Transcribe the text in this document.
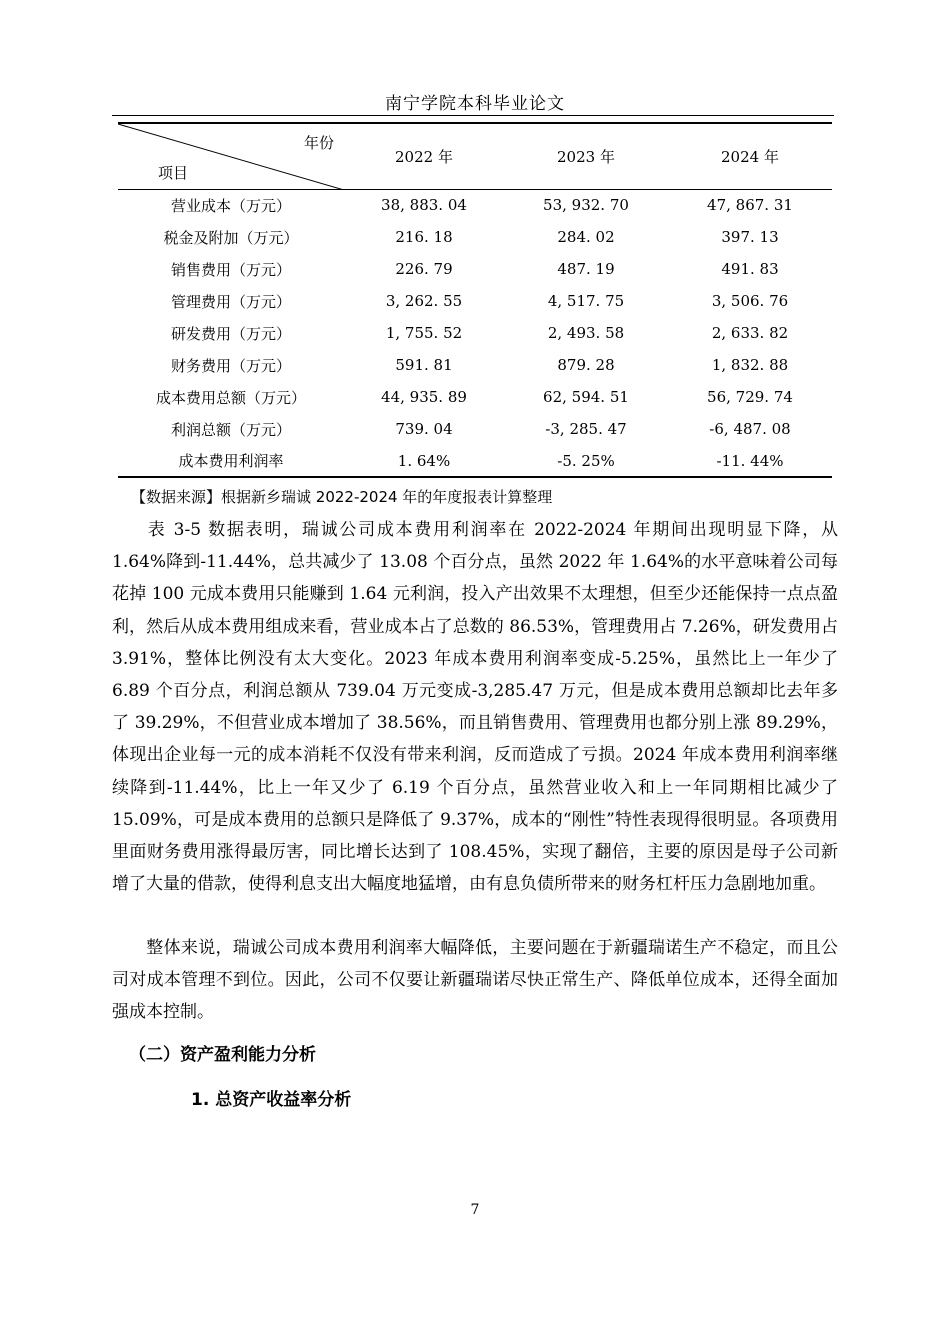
南宁学院本科毕业论文
年份
项目	2022 年	2023 年	2024 年
营业成本（万元）	38, 883. 04	53, 932. 70	47, 867. 31
税金及附加（万元）	216. 18	284. 02	397. 13
销售费用（万元）	226. 79	487. 19	491. 83
管理费用（万元）	3, 262. 55	4, 517. 75	3, 506. 76
研发费用（万元）	1, 755. 52	2, 493. 58	2, 633. 82
财务费用（万元）	591. 81	879. 28	1, 832. 88
成本费用总额（万元）	44, 935. 89	62, 594. 51	56, 729. 74
利润总额（万元）	739. 04	-3, 285. 47	-6, 487. 08
成本费用利润率	1. 64%	-5. 25%	-11. 44%
【数据来源】根据新乡瑞诚 2022-2024 年的年度报表计算整理

表 3-5 数据表明，瑞诚公司成本费用利润率在 2022-2024 年期间出现明显下降，从 1.64%降到-11.44%，总共减少了 13.08 个百分点，虽然 2022 年 1.64%的水平意味着公司每花掉 100 元成本费用只能赚到 1.64 元利润，投入产出效果不太理想，但至少还能保持一点点盈利，然后从成本费用组成来看，营业成本占了总数的 86.53%，管理费用占 7.26%，研发费用占 3.91%，整体比例没有太大变化。2023 年成本费用利润率变成-5.25%，虽然比上一年少了 6.89 个百分点，利润总额从 739.04 万元变成-3,285.47 万元，但是成本费用总额却比去年多了 39.29%，不但营业成本增加了 38.56%，而且销售费用、管理费用也都分别上涨 89.29%，体现出企业每一元的成本消耗不仅没有带来利润，反而造成了亏损。2024 年成本费用利润率继续降到-11.44%，比上一年又少了 6.19 个百分点，虽然营业收入和上一年同期相比减少了 15.09%，可是成本费用的总额只是降低了 9.37%，成本的“刚性”特性表现得很明显。各项费用里面财务费用涨得最厉害，同比增长达到了 108.45%，实现了翻倍，主要的原因是母子公司新增了大量的借款，使得利息支出大幅度地猛增，由有息负债所带来的财务杠杆压力急剧地加重。

整体来说，瑞诚公司成本费用利润率大幅降低，主要问题在于新疆瑞诺生产不稳定，而且公司对成本管理不到位。因此，公司不仅要让新疆瑞诺尽快正常生产、降低单位成本，还得全面加强成本控制。

（二）资产盈利能力分析
1. 总资产收益率分析
7
